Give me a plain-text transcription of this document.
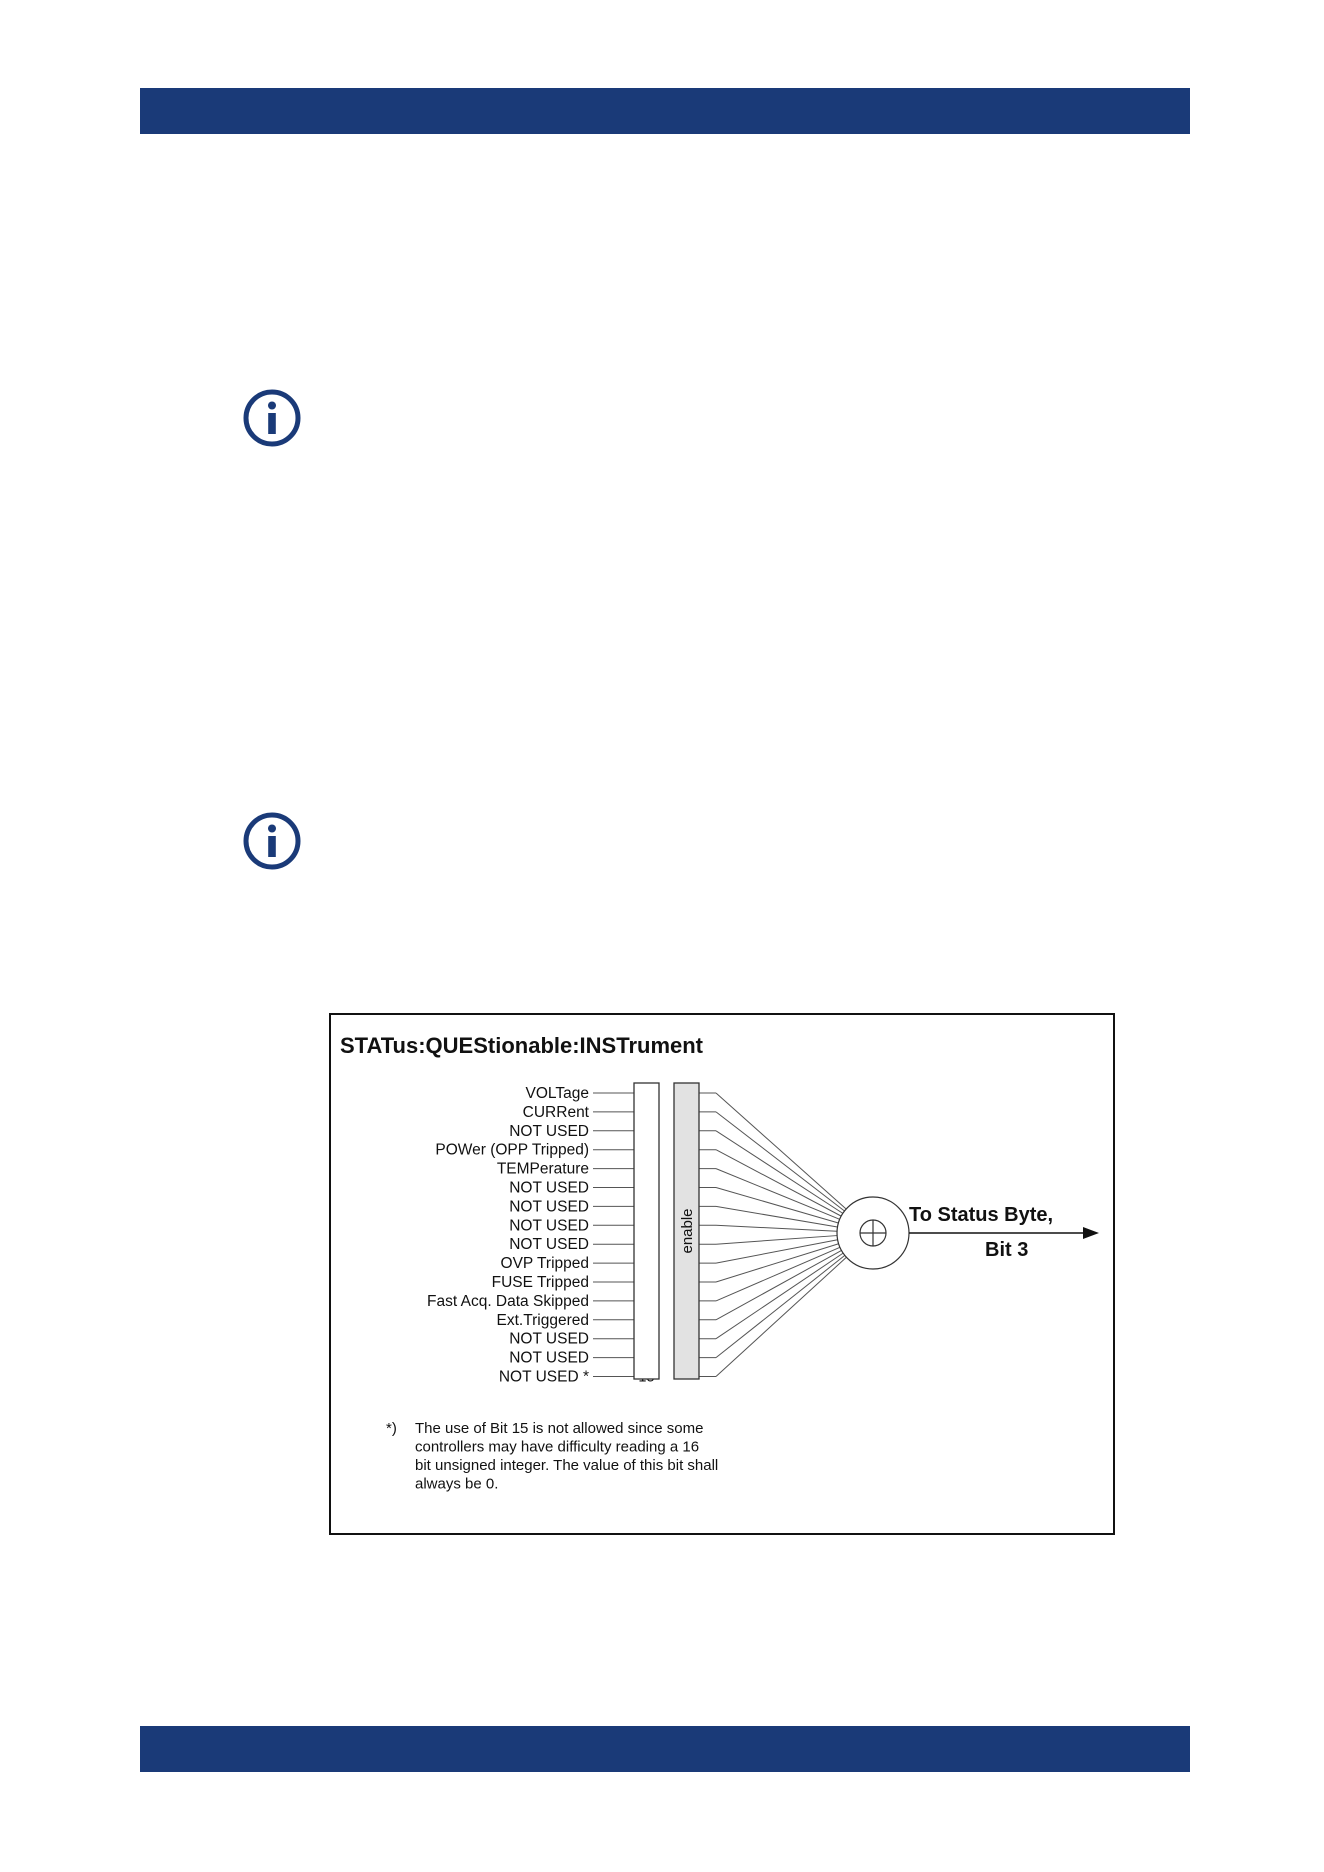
STATus:QUEStionable:INSTrument
VOLTage
CURRent
NOT USED
POWer (OPP Tripped)
TEMPerature
NOT USED
NOT USED
NOT USED
NOT USED
OVP Tripped
FUSE Tripped
Fast Acq. Data Skipped
Ext.Triggered
NOT USED
NOT USED
NOT USED *
enable	To Status Byte,
Bit 3
*) The use of Bit 15 is not allowed since some
controllers may have difficulty reading a 16
bit unsigned integer. The value of this bit shall
always be 0.
